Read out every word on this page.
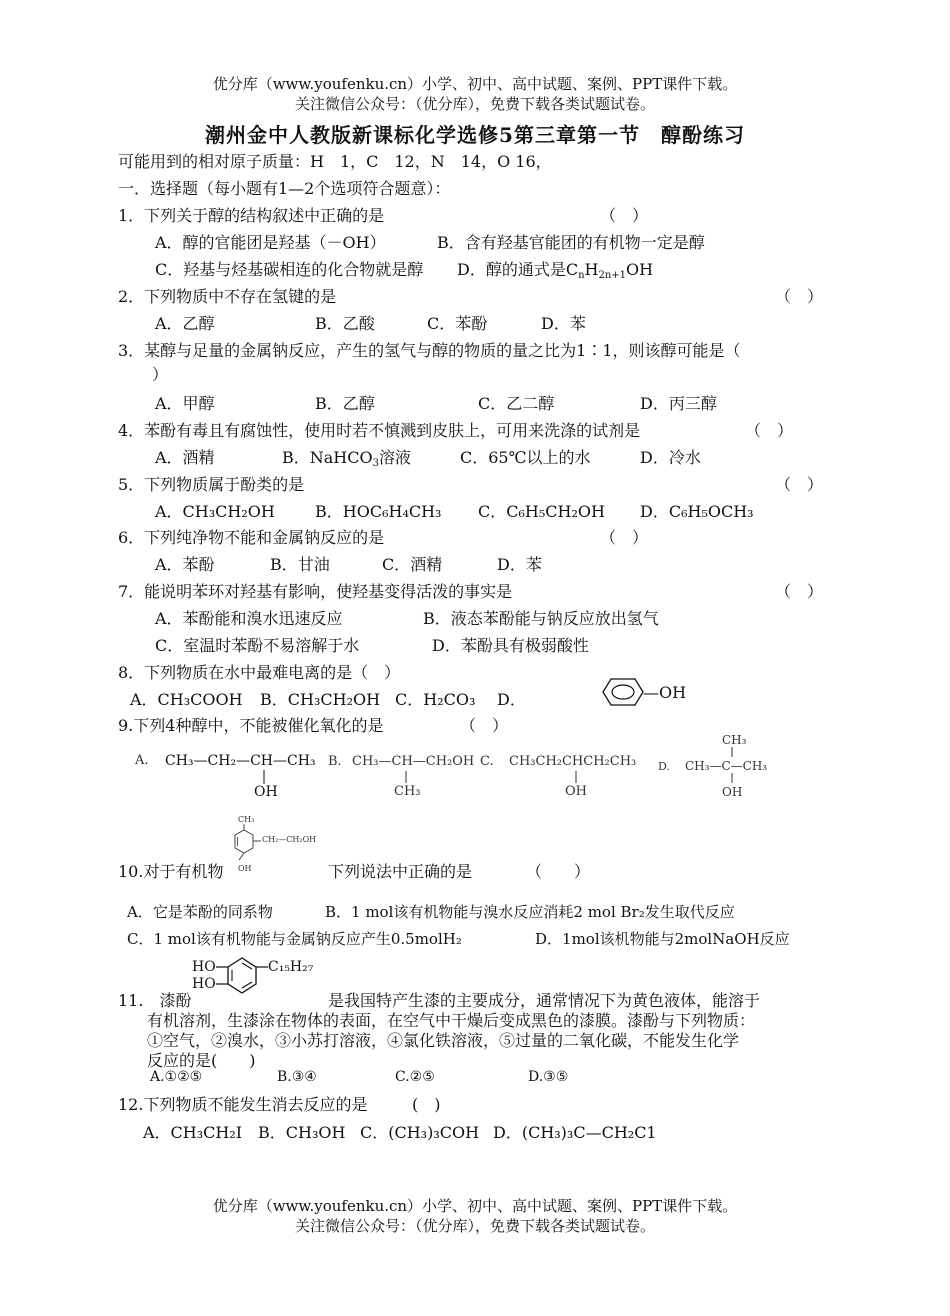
优分库（www.youfenku.cn）小学、初中、高中试题、案例、PPT课件下载。
关注微信公众号：（优分库），免费下载各类试题试卷。
潮州金中人教版新课标化学选修5第三章第一节　醇酚练习
可能用到的相对原子质量：H　1，C　12，N　14，O 16，
一．选择题（每小题有1—2个选项符合题意）：
1．下列关于醇的结构叙述中正确的是	（　）
A．醇的官能团是羟基（－OH）	B．含有羟基官能团的有机物一定是醇
C．羟基与烃基碳相连的化合物就是醇 D．醇的通式是$C_nH_{2n+1}OH$
2．下列物质中不存在氢键的是	（　）
A．乙醇	B．乙酸	C．苯酚	D．苯
3．某醇与足量的金属钠反应，产生的氢气与醇的物质的量之比为1∶1，则该醇可能是（
）
A．甲醇	B．乙醇	C．乙二醇	D．丙三醇
4．苯酚有毒且有腐蚀性，使用时若不慎溅到皮肤上，可用来洗涤的试剂是	（　）
A．酒精	B．NaHCO$_3$溶液	C．65℃以上的水	D．冷水
5．下列物质属于酚类的是	（　）
A．CH₃CH₂OH	B．HOC₆H₄CH₃ C．C₆H₅CH₂OH D．C₆H₅OCH₃
6．下列纯净物不能和金属钠反应的是	（　）
A．苯酚	B．甘油	C．酒精	D．苯
7．能说明苯环对羟基有影响，使羟基变得活泼的事实是	（　）
A．苯酚能和溴水迅速反应	B．液态苯酚能与钠反应放出氢气
C．室温时苯酚不易溶解于水	D．苯酚具有极弱酸性
8．下列物质在水中最难电离的是（　）
A．CH₃COOH B．CH₃CH₂OH C．H₂CO₃ D．	—OH
9.下列4种醇中，不能被催化氧化的是	（　）
A. CH₃—CH₂—CH—CH₃
OH
B. CH₃—CH—CH₂OH
CH₃
C. CH₃CH₂CHCH₂CH₃
OH
D.
CH₃
CH₃—C—CH₃
OH
CH₃
CH₂—CH₂OH
OH
10.对于有机物	下列说法中正确的是	（　　）
A．它是苯酚的同系物	B．1 mol该有机物能与溴水反应消耗2 mol Br₂发生取代反应
C．1 mol该有机物能与金属钠反应产生0.5molH₂	D．1mol该机物能与2molNaOH反应
HO
HO
C₁₅H₂₇
11.　漆酚	是我国特产生漆的主要成分，通常情况下为黄色液体，能溶于
有机溶剂，生漆涂在物体的表面，在空气中干燥后变成黑色的漆膜。漆酚与下列物质：
①空气，②溴水，③小苏打溶液，④氯化铁溶液，⑤过量的二氧化碳，不能发生化学
反应的是(　　)
A.①②⑤	B.③④	C.②⑤	D.③⑤
12.下列物质不能发生消去反应的是	(　)
A．CH₃CH₂I B．CH₃OH C．(CH₃)₃COH D．(CH₃)₃C—CH₂C1
优分库（www.youfenku.cn）小学、初中、高中试题、案例、PPT课件下载。
关注微信公众号：（优分库），免费下载各类试题试卷。
